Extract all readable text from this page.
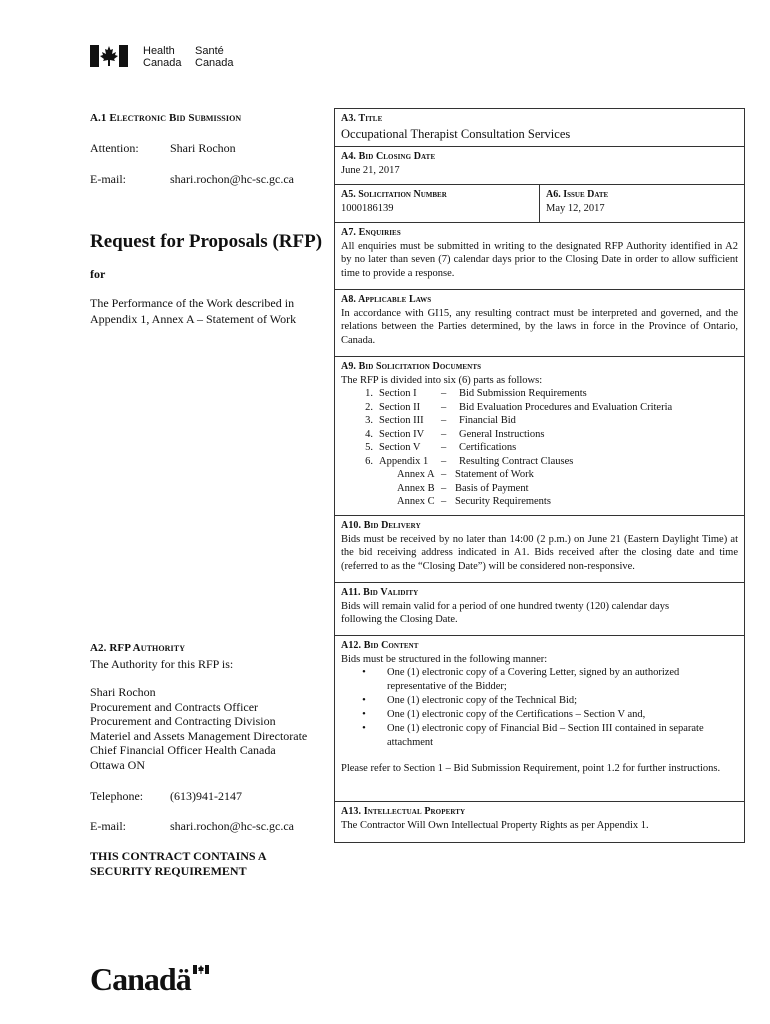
Health
Canada
Santé
Canada
A.1 Electronic Bid Submission
Attention:	Shari Rochon
E-mail:	shari.rochon@hc-sc.gc.ca
Request for Proposals (RFP)
for
The Performance of the Work described in
Appendix 1, Annex A – Statement of Work
A2. RFP Authority
The Authority for this RFP is:
Shari Rochon
Procurement and Contracts Officer
Procurement and Contracting Division
Materiel and Assets Management Directorate
Chief Financial Officer Health Canada
Ottawa ON
Telephone: (613)941-2147
E-mail:	shari.rochon@hc-sc.gc.ca
THIS CONTRACT CONTAINS A
SECURITY REQUIREMENT
A3. Title
Occupational Therapist Consultation Services
A4. Bid Closing Date
June 21, 2017
A5. Solicitation Number
1000186139
A6. Issue Date
May 12, 2017
A7. Enquiries
All enquiries must be submitted in writing to the designated RFP Authority identified in A2 by no later than seven (7) calendar days prior to the Closing Date in order to allow sufficient time to provide a response.
A8. Applicable Laws
In accordance with GI15, any resulting contract must be interpreted and governed, and the relations between the Parties determined, by the laws in force in the Province of Ontario, Canada.
A9. Bid Solicitation Documents
The RFP is divided into six (6) parts as follows:
1. Section I	–	Bid Submission Requirements
2. Section II	–	Bid Evaluation Procedures and Evaluation Criteria
3. Section III	–	Financial Bid
4. Section IV	–	General Instructions
5. Section V	–	Certifications
6. Appendix 1	–	Resulting Contract Clauses
Annex A – Statement of Work
Annex B – Basis of Payment
Annex C – Security Requirements
A10. Bid Delivery
Bids must be received by no later than 14:00 (2 p.m.) on June 21 (Eastern Daylight Time) at the bid receiving address indicated in A1. Bids received after the closing date and time (referred to as the “Closing Date”) will be considered non-responsive.
A11. Bid Validity
Bids will remain valid for a period of one hundred twenty (120) calendar days
following the Closing Date.
A12. Bid Content
Bids must be structured in the following manner:
•	One (1) electronic copy of a Covering Letter, signed by an authorized representative of the Bidder;
•	One (1) electronic copy of the Technical Bid;
•	One (1) electronic copy of the Certifications – Section V and,
•	One (1) electronic copy of Financial Bid – Section III contained in separate attachment
Please refer to Section 1 – Bid Submission Requirement, point 1.2 for further instructions.
A13. Intellectual Property
The Contractor Will Own Intellectual Property Rights as per Appendix 1.
Canadä
